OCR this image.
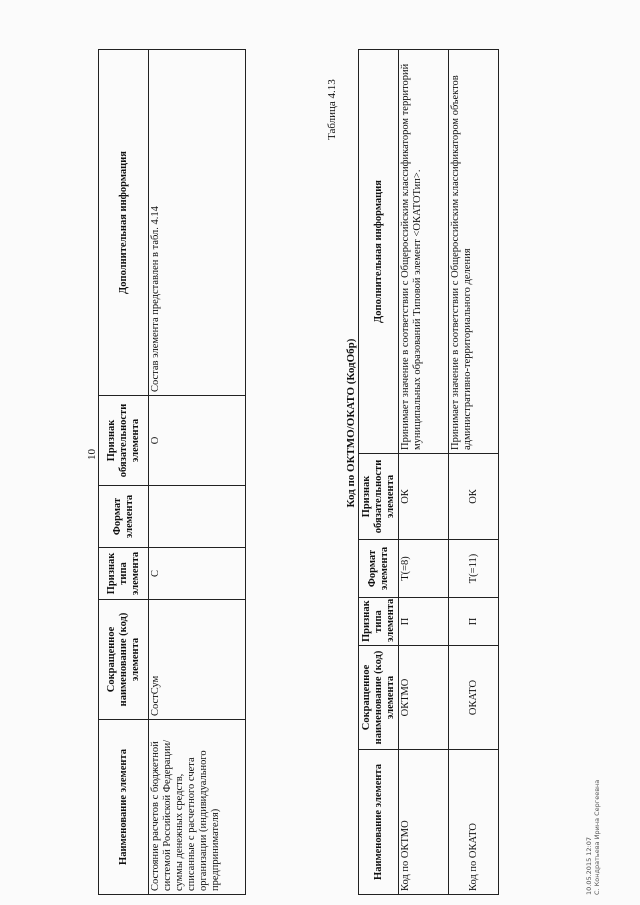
10
Наименование элемента	Сокращенное наименование (код) элемента	Признак типа элемента	Формат элемента	Признак обязательности элемента	Дополнительная информация
Состояние расчетов с бюджетной системой Российской Федерации/суммы денежных средств, списанные с расчетного счета организации (индивидуального предпринимателя)	СостСум	С		О	Состав элемента представлен в табл. 4.14
Таблица 4.13
Код по ОКТМО/ОКАТО (КодОбр)
Наименование элемента	Сокращенное наименование (код) элемента	Признак типа элемента	Формат элемента	Признак обязательности элемента	Дополнительная информация
Код по ОКТМО	ОКТМО	П	T(=8)	ОК	Принимает значение в соответствии с Общероссийским классификатором территорий муниципальных образований Типовой элемент <ОКАТОТип>.
Код по ОКАТО	ОКАТО	П	T(=11)	ОК	Принимает значение в соответствии с Общероссийским классификатором объектов административно-территориального деления
10.05.2015 12:07 С. Кондратьева Ирина Сергеевна
